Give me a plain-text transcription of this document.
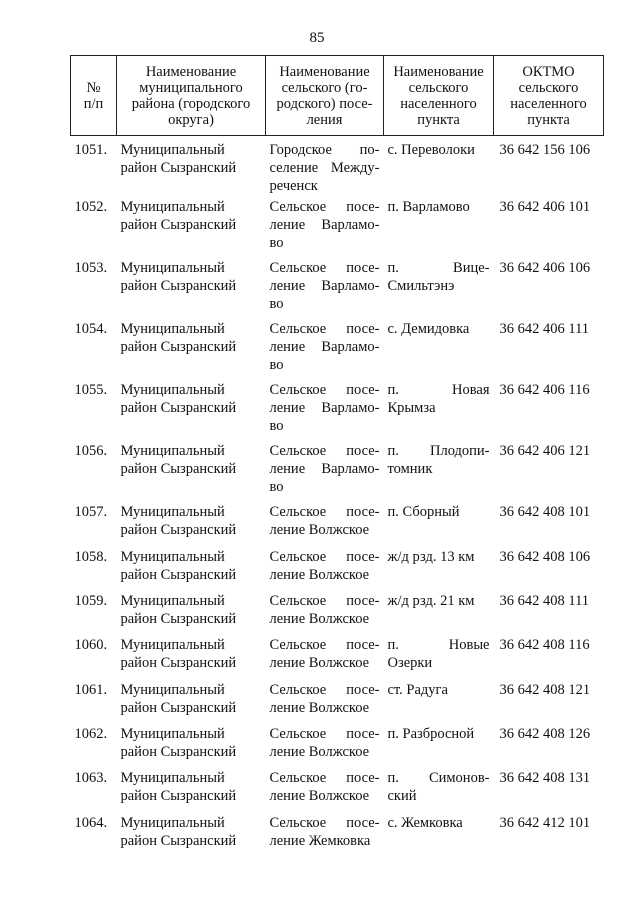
85
№
п/п	Наименование
муниципального
района (городского
округа)	Наименование
сельского (го-
родского) посе-
ления	Наименование
сельского
населенного
пункта	ОКТМО
сельского
населенного
пункта

1051.	Муниципальный
район Сызранский	Городское по-
селение Между-
реченск	с. Переволоки	36 642 156 106

1052.	Муниципальный
район Сызранский	Сельское посе-
ление Варламо-
во	п. Варламово	36 642 406 101

1053.	Муниципальный
район Сызранский	Сельское посе-
ление Варламо-
во	п. Вице-
Смильтэнэ	36 642 406 106

1054.	Муниципальный
район Сызранский	Сельское посе-
ление Варламо-
во	с. Демидовка	36 642 406 111

1055.	Муниципальный
район Сызранский	Сельское посе-
ление Варламо-
во	п. Новая
Крымза	36 642 406 116

1056.	Муниципальный
район Сызранский	Сельское посе-
ление Варламо-
во	п. Плодопи-
томник	36 642 406 121

1057.	Муниципальный
район Сызранский	Сельское посе-
ление Волжское	п. Сборный	36 642 408 101

1058.	Муниципальный
район Сызранский	Сельское посе-
ление Волжское	ж/д рзд. 13 км	36 642 408 106

1059.	Муниципальный
район Сызранский	Сельское посе-
ление Волжское	ж/д рзд. 21 км	36 642 408 111

1060.	Муниципальный
район Сызранский	Сельское посе-
ление Волжское	п. Новые
Озерки	36 642 408 116

1061.	Муниципальный
район Сызранский	Сельское посе-
ление Волжское	ст. Радуга	36 642 408 121

1062.	Муниципальный
район Сызранский	Сельское посе-
ление Волжское	п. Разбросной	36 642 408 126

1063.	Муниципальный
район Сызранский	Сельское посе-
ление Волжское	п. Симонов-
ский	36 642 408 131

1064.	Муниципальный
район Сызранский	Сельское посе-
ление Жемковка	с. Жемковка	36 642 412 101
